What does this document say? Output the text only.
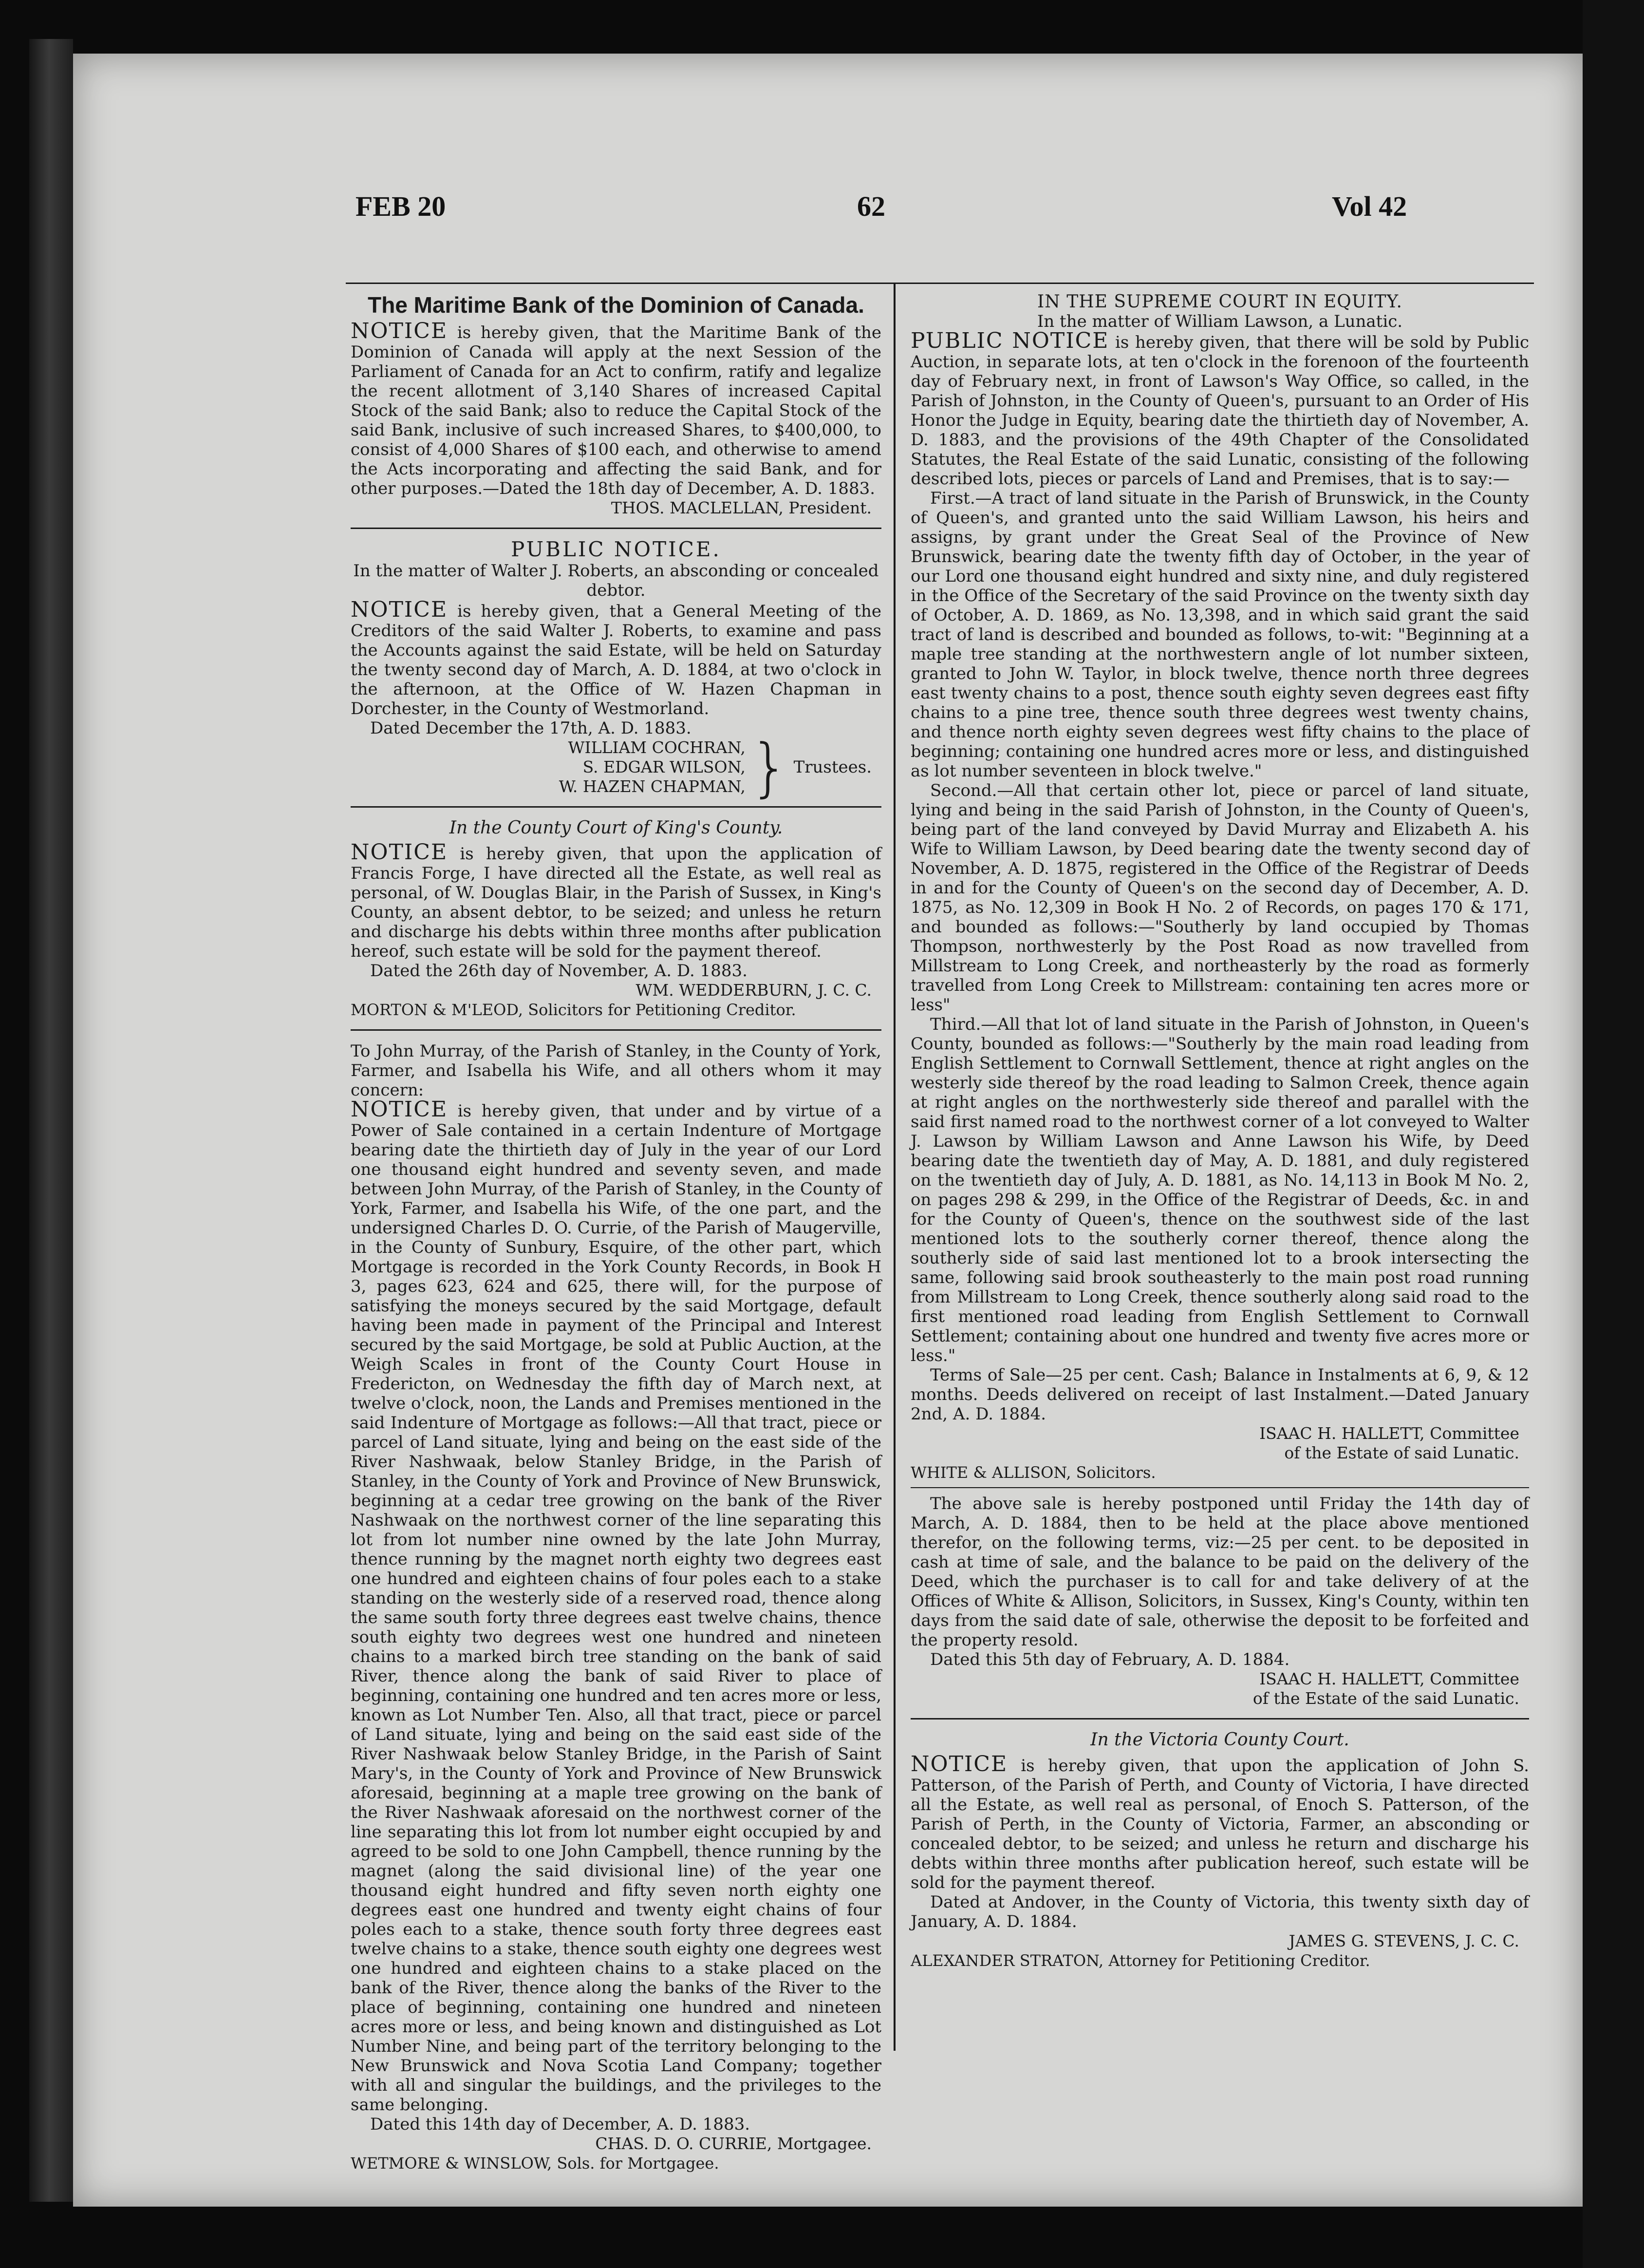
FEB 20	62	Vol 42
The Maritime Bank of the Dominion of Canada.

NOTICE is hereby given, that the Maritime Bank of the Dominion of Canada will apply at the next Session of the Parliament of Canada for an Act to confirm, ratify and legalize the recent allotment of 3,140 Shares of increased Capital Stock of the said Bank; also to reduce the Capital Stock of the said Bank, inclusive of such increased Shares, to $400,000, to consist of 4,000 Shares of $100 each, and otherwise to amend the Acts incorporating and affecting the said Bank, and for other purposes.—Dated the 18th day of December, A. D. 1883.

THOS. MACLELLAN, President.
PUBLIC NOTICE.
In the matter of Walter J. Roberts, an absconding or concealed debtor.

NOTICE is hereby given, that a General Meeting of the Creditors of the said Walter J. Roberts, to examine and pass the Accounts against the said Estate, will be held on Saturday the twenty second day of March, A. D. 1884, at two o'clock in the afternoon, at the Office of W. Hazen Chapman in Dorchester, in the County of Westmorland.

Dated December the 17th, A. D. 1883.

WILLIAM COCHRAN,
S. EDGAR WILSON,
W. HAZEN CHAPMAN, } Trustees.
In the County Court of King's County.

NOTICE is hereby given, that upon the application of Francis Forge, I have directed all the Estate, as well real as personal, of W. Douglas Blair, in the Parish of Sussex, in King's County, an absent debtor, to be seized; and unless he return and discharge his debts within three months after publication hereof, such estate will be sold for the payment thereof.

Dated the 26th day of November, A. D. 1883.

WM. WEDDERBURN, J. C. C.

MORTON & M'LEOD, Solicitors for Petitioning Creditor.

To John Murray, of the Parish of Stanley, in the County of York, Farmer, and Isabella his Wife, and all others whom it may concern:

NOTICE is hereby given, that under and by virtue of a Power of Sale contained in a certain Indenture of Mortgage bearing date the thirtieth day of July in the year of our Lord one thousand eight hundred and seventy seven, and made between John Murray, of the Parish of Stanley, in the County of York, Farmer, and Isabella his Wife, of the one part, and the undersigned Charles D. O. Currie, of the Parish of Maugerville, in the County of Sunbury, Esquire, of the other part, which Mortgage is recorded in the York County Records, in Book H 3, pages 623, 624 and 625, there will, for the purpose of satisfying the moneys secured by the said Mortgage, default having been made in payment of the Principal and Interest secured by the said Mortgage, be sold at Public Auction, at the Weigh Scales in front of the County Court House in Fredericton, on Wednesday the fifth day of March next, at twelve o'clock, noon, the Lands and Premises mentioned in the said Indenture of Mortgage as follows:—All that tract, piece or parcel of Land situate, lying and being on the east side of the River Nashwaak, below Stanley Bridge, in the Parish of Stanley, in the County of York and Province of New Brunswick, beginning at a cedar tree growing on the bank of the River Nashwaak on the northwest corner of the line separating this lot from lot number nine owned by the late John Murray, thence running by the magnet north eighty two degrees east one hundred and eighteen chains of four poles each to a stake standing on the westerly side of a reserved road, thence along the same south forty three degrees east twelve chains, thence south eighty two degrees west one hundred and nineteen chains to a marked birch tree standing on the bank of said River, thence along the bank of said River to place of beginning, containing one hundred and ten acres more or less, known as Lot Number Ten. Also, all that tract, piece or parcel of Land situate, lying and being on the said east side of the River Nashwaak below Stanley Bridge, in the Parish of Saint Mary's, in the County of York and Province of New Brunswick aforesaid, beginning at a maple tree growing on the bank of the River Nashwaak aforesaid on the northwest corner of the line separating this lot from lot number eight occupied by and agreed to be sold to one John Campbell, thence running by the magnet (along the said divisional line) of the year one thousand eight hundred and fifty seven north eighty one degrees east one hundred and twenty eight chains of four poles each to a stake, thence south forty three degrees east twelve chains to a stake, thence south eighty one degrees west one hundred and eighteen chains to a stake placed on the bank of the River, thence along the banks of the River to the place of beginning, containing one hundred and nineteen acres more or less, and being known and distinguished as Lot Number Nine, and being part of the territory belonging to the New Brunswick and Nova Scotia Land Company; together with all and singular the buildings, and the privileges to the same belonging.

Dated this 14th day of December, A. D. 1883.

CHAS. D. O. CURRIE, Mortgagee.

WETMORE & WINSLOW, Sols. for Mortgagee.

IN THE SUPREME COURT IN EQUITY.
In the matter of William Lawson, a Lunatic.

PUBLIC NOTICE is hereby given, that there will be sold by Public Auction, in separate lots, at ten o'clock in the forenoon of the fourteenth day of February next, in front of Lawson's Way Office, so called, in the Parish of Johnston, in the County of Queen's, pursuant to an Order of His Honor the Judge in Equity, bearing date the thirtieth day of November, A. D. 1883, and the provisions of the 49th Chapter of the Consolidated Statutes, the Real Estate of the said Lunatic, consisting of the following described lots, pieces or parcels of Land and Premises, that is to say:—

First.—A tract of land situate in the Parish of Brunswick, in the County of Queen's, and granted unto the said William Lawson, his heirs and assigns, by grant under the Great Seal of the Province of New Brunswick, bearing date the twenty fifth day of October, in the year of our Lord one thousand eight hundred and sixty nine, and duly registered in the Office of the Secretary of the said Province on the twenty sixth day of October, A. D. 1869, as No. 13,398, and in which said grant the said tract of land is described and bounded as follows, to-wit: "Beginning at a maple tree standing at the northwestern angle of lot number sixteen, granted to John W. Taylor, in block twelve, thence north three degrees east twenty chains to a post, thence south eighty seven degrees east fifty chains to a pine tree, thence south three degrees west twenty chains, and thence north eighty seven degrees west fifty chains to the place of beginning; containing one hundred acres more or less, and distinguished as lot number seventeen in block twelve."

Second.—All that certain other lot, piece or parcel of land situate, lying and being in the said Parish of Johnston, in the County of Queen's, being part of the land conveyed by David Murray and Elizabeth A. his Wife to William Lawson, by Deed bearing date the twenty second day of November, A. D. 1875, registered in the Office of the Registrar of Deeds in and for the County of Queen's on the second day of December, A. D. 1875, as No. 12,309 in Book H No. 2 of Records, on pages 170 & 171, and bounded as follows:—"Southerly by land occupied by Thomas Thompson, northwesterly by the Post Road as now travelled from Millstream to Long Creek, and northeasterly by the road as formerly travelled from Long Creek to Millstream: containing ten acres more or less"

Third.—All that lot of land situate in the Parish of Johnston, in Queen's County, bounded as follows:—"Southerly by the main road leading from English Settlement to Cornwall Settlement, thence at right angles on the westerly side thereof by the road leading to Salmon Creek, thence again at right angles on the northwesterly side thereof and parallel with the said first named road to the northwest corner of a lot conveyed to Walter J. Lawson by William Lawson and Anne Lawson his Wife, by Deed bearing date the twentieth day of May, A. D. 1881, and duly registered on the twentieth day of July, A. D. 1881, as No. 14,113 in Book M No. 2, on pages 298 & 299, in the Office of the Registrar of Deeds, &c. in and for the County of Queen's, thence on the southwest side of the last mentioned lots to the southerly corner thereof, thence along the southerly side of said last mentioned lot to a brook intersecting the same, following said brook southeasterly to the main post road running from Millstream to Long Creek, thence southerly along said road to the first mentioned road leading from English Settlement to Cornwall Settlement; containing about one hundred and twenty five acres more or less."

Terms of Sale—25 per cent. Cash; Balance in Instalments at 6, 9, & 12 months. Deeds delivered on receipt of last Instalment.—Dated January 2nd, A. D. 1884.

ISAAC H. HALLETT, Committee
of the Estate of said Lunatic.

WHITE & ALLISON, Solicitors.

The above sale is hereby postponed until Friday the 14th day of March, A. D. 1884, then to be held at the place above mentioned therefor, on the following terms, viz:—25 per cent. to be deposited in cash at time of sale, and the balance to be paid on the delivery of the Deed, which the purchaser is to call for and take delivery of at the Offices of White & Allison, Solicitors, in Sussex, King's County, within ten days from the said date of sale, otherwise the deposit to be forfeited and the property resold.

Dated this 5th day of February, A. D. 1884.

ISAAC H. HALLETT, Committee
of the Estate of the said Lunatic.
In the Victoria County Court.

NOTICE is hereby given, that upon the application of John S. Patterson, of the Parish of Perth, and County of Victoria, I have directed all the Estate, as well real as personal, of Enoch S. Patterson, of the Parish of Perth, in the County of Victoria, Farmer, an absconding or concealed debtor, to be seized; and unless he return and discharge his debts within three months after publication hereof, such estate will be sold for the payment thereof.

Dated at Andover, in the County of Victoria, this twenty sixth day of January, A. D. 1884.

JAMES G. STEVENS, J. C. C.

ALEXANDER STRATON, Attorney for Petitioning Creditor.
